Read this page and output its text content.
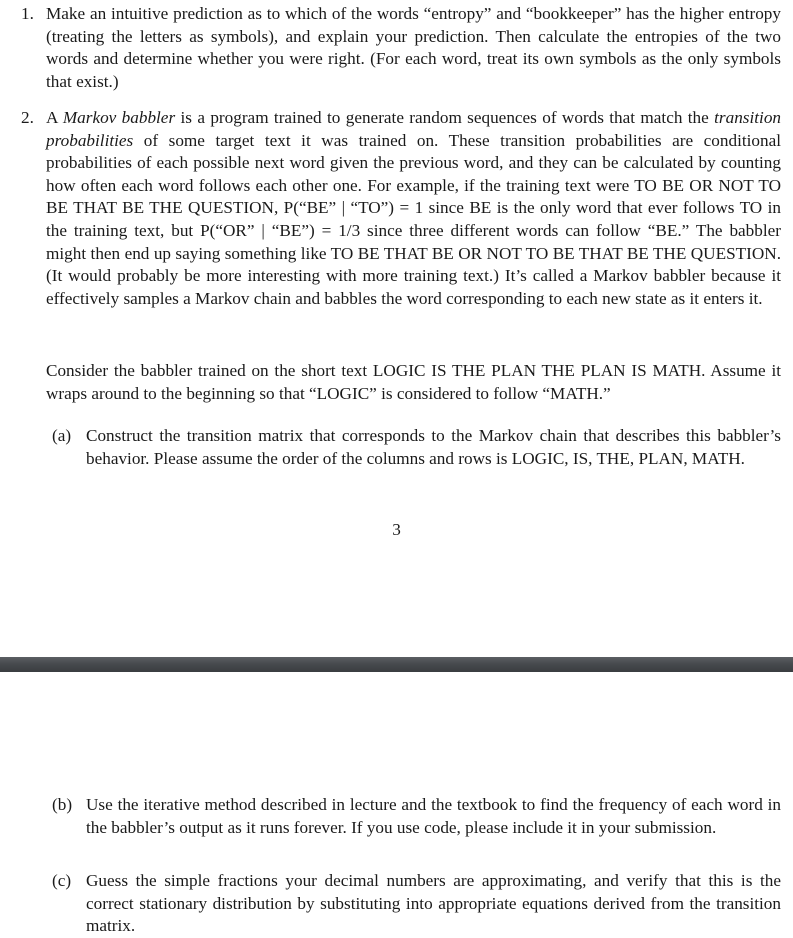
1. Make an intuitive prediction as to which of the words “entropy” and “bookkeeper” has the higher entropy (treating the letters as symbols), and explain your prediction. Then calculate the entropies of the two words and determine whether you were right. (For each word, treat its own symbols as the only symbols that exist.)

2. A Markov babbler is a program trained to generate random sequences of words that match the transition probabilities of some target text it was trained on. These transition probabilities are conditional probabilities of each possible next word given the previous word, and they can be calculated by counting how often each word follows each other one. For example, if the training text were TO BE OR NOT TO BE THAT BE THE QUESTION, P(“BE” | “TO”) = 1 since BE is the only word that ever follows TO in the training text, but P(“OR” | “BE”) = 1/3 since three different words can follow “BE.” The babbler might then end up saying something like TO BE THAT BE OR NOT TO BE THAT BE THE QUESTION. (It would probably be more interesting with more training text.) It’s called a Markov babbler because it effectively samples a Markov chain and babbles the word corresponding to each new state as it enters it.

Consider the babbler trained on the short text LOGIC IS THE PLAN THE PLAN IS MATH. Assume it wraps around to the beginning so that “LOGIC” is considered to follow “MATH.”

(a) Construct the transition matrix that corresponds to the Markov chain that describes this babbler’s behavior. Please assume the order of the columns and rows is LOGIC, IS, THE, PLAN, MATH.

3
(b) Use the iterative method described in lecture and the textbook to find the frequency of each word in the babbler’s output as it runs forever. If you use code, please include it in your submission.

(c) Guess the simple fractions your decimal numbers are approximating, and verify that this is the correct stationary distribution by substituting into appropriate equations derived from the transition matrix.
